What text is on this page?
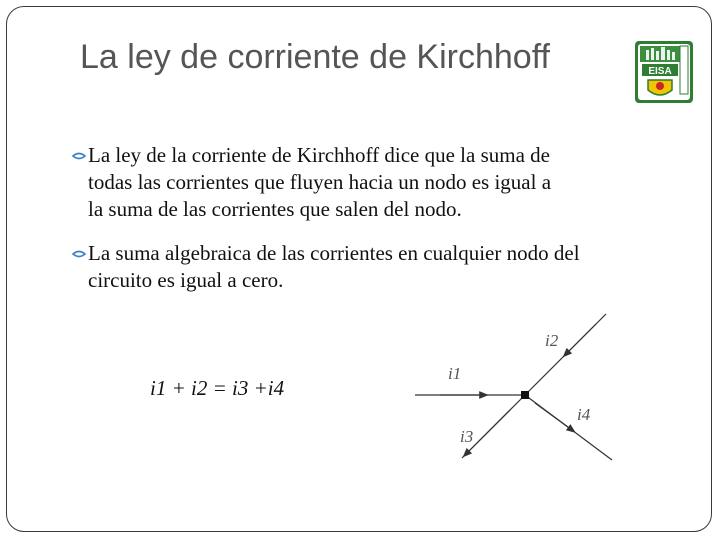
La ley de corriente de Kirchhoff	EISA
La ley de la corriente de Kirchhoff dice que la suma de
todas las corrientes que fluyen hacia un nodo es igual a
la suma de las corrientes que salen del nodo.
La suma algebraica de las corrientes en cualquier nodo del
circuito es igual a cero.
i1 + i2 = i3 +i4
i1
i2
i3
i4
